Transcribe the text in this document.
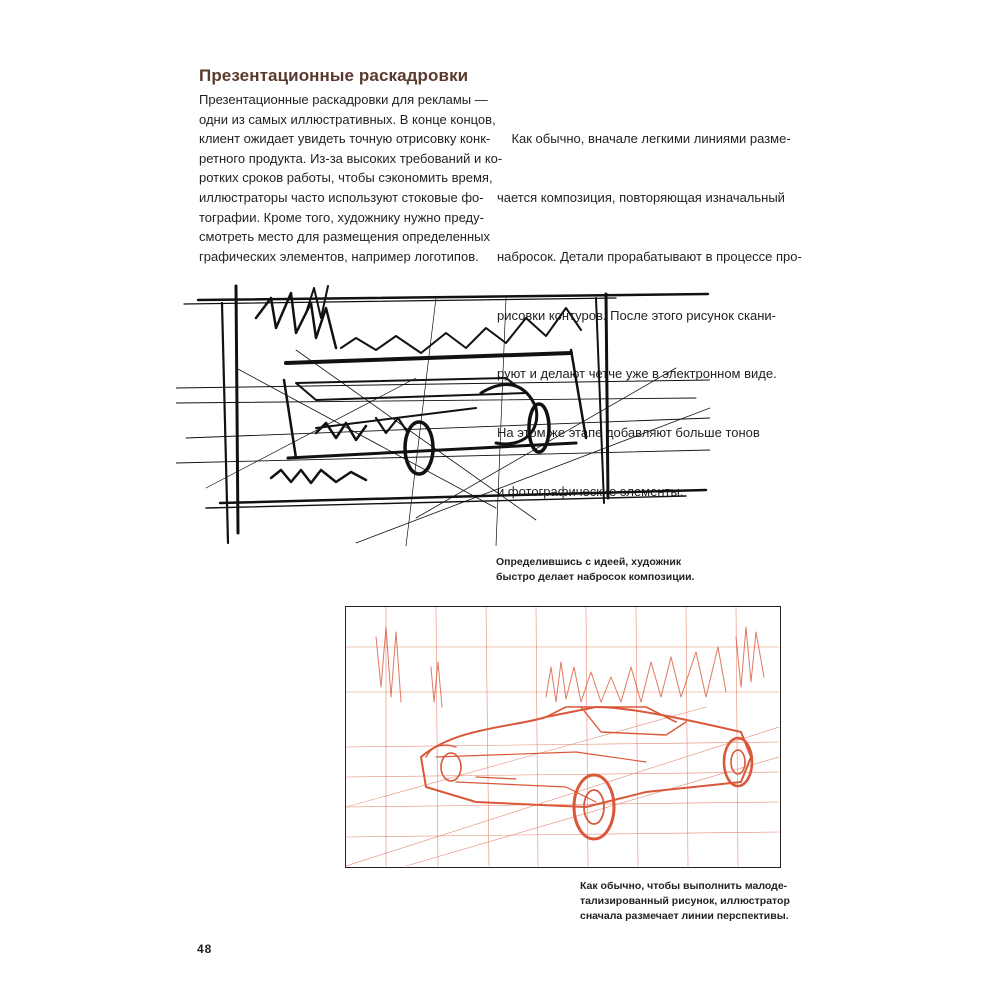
Презентационные раскадровки
Презентационные раскадровки для рекламы —
одни из самых иллюстративных. В конце концов,
клиент ожидает увидеть точную отрисовку конк-
ретного продукта. Из-за высоких требований и ко-
ротких сроков работы, чтобы сэкономить время,
иллюстраторы часто используют стоковые фо-
тографии. Кроме того, художнику нужно преду-
смотреть место для размещения определенных
графических элементов, например логотипов.

Как обычно, вначале легкими линиями разме-

чается композиция, повторяющая изначальный

набросок. Детали прорабатывают в процессе про-

рисовки контуров. После этого рисунок скани-

руют и делают четче уже в электронном виде.

На этом же этапе добавляют больше тонов

и фотографические элементы.

Определившись с идеей, художник
быстро делает набросок композиции.
Как обычно, чтобы выполнить малоде-
тализированный рисунок, иллюстратор
сначала размечает линии перспективы.
48
